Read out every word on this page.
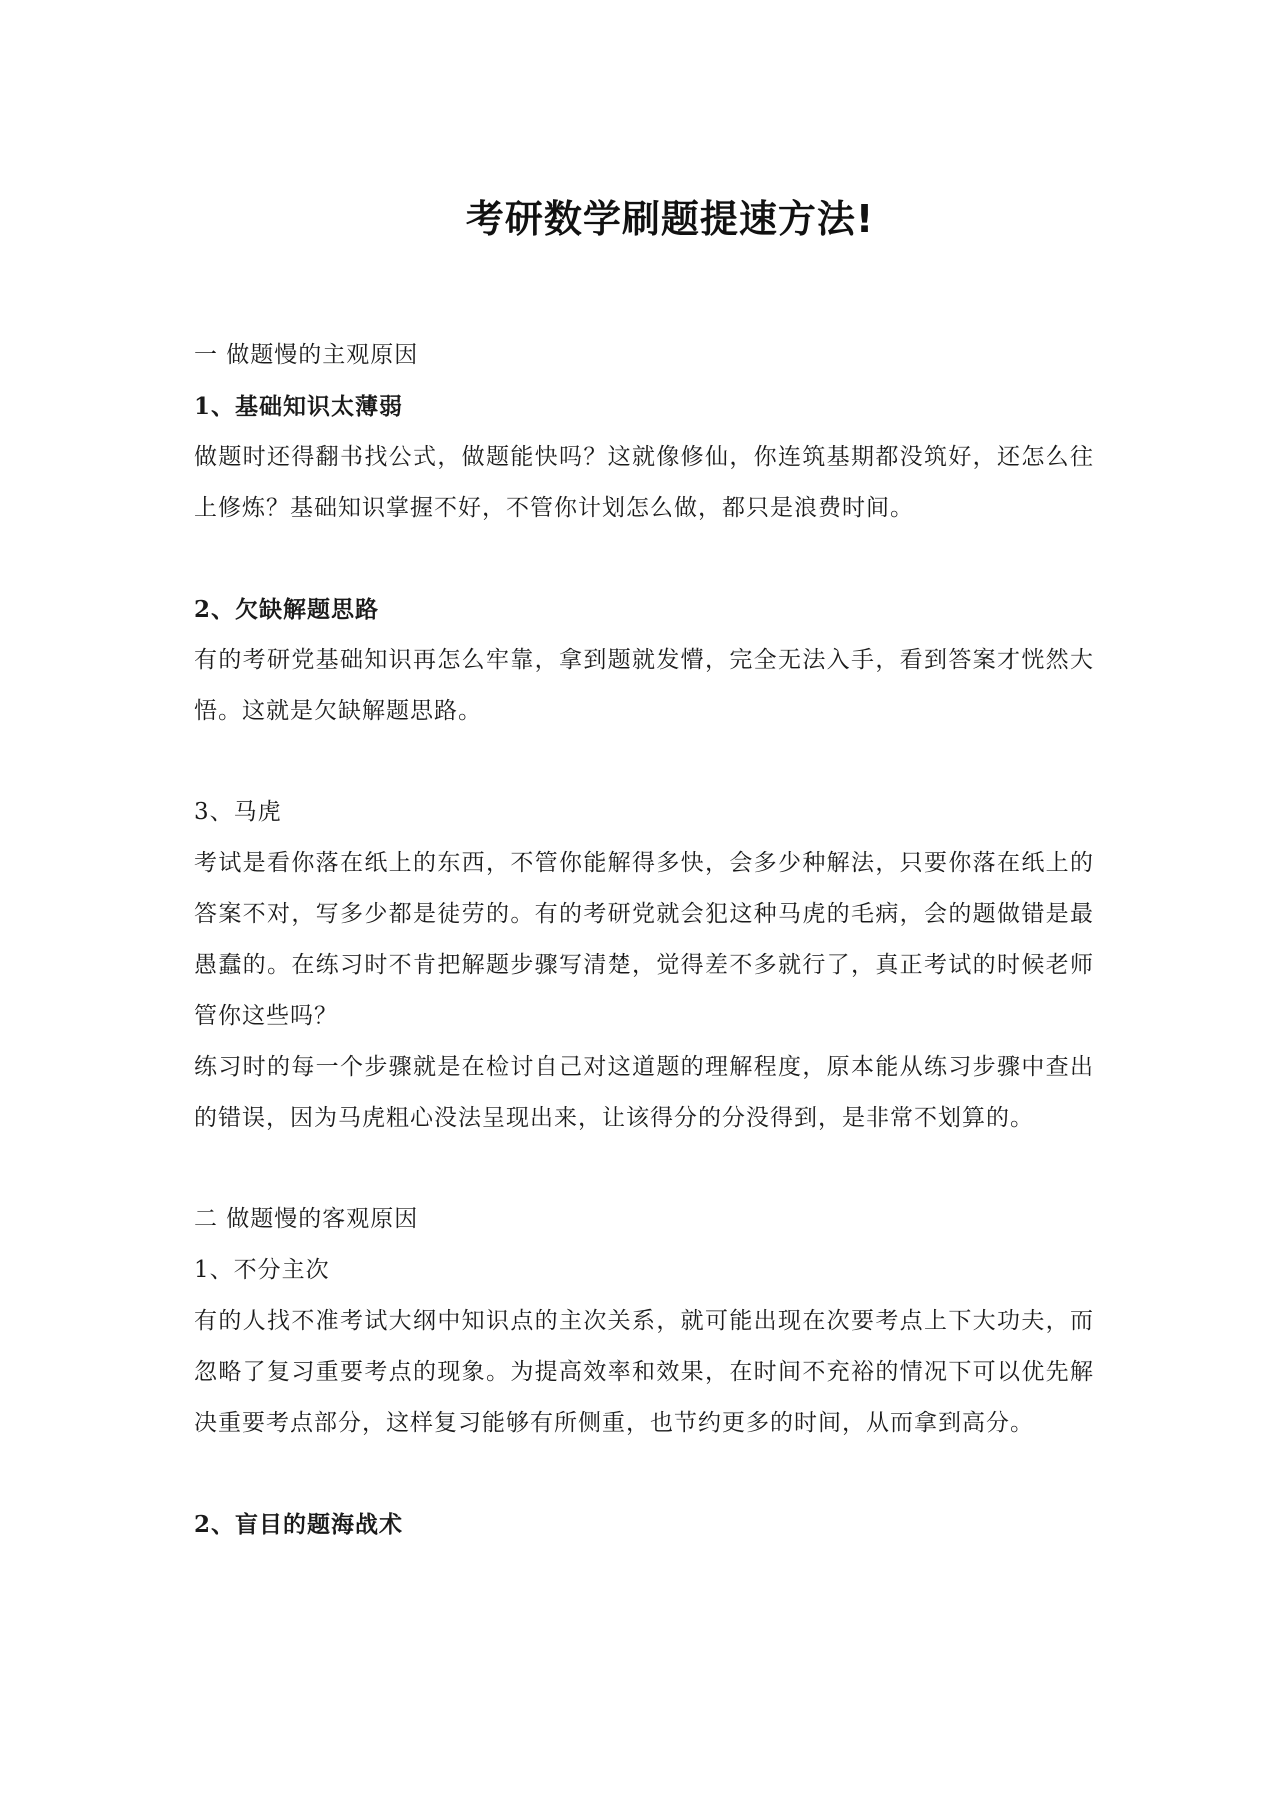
考研数学刷题提速方法!
一 做题慢的主观原因
1、基础知识太薄弱
做题时还得翻书找公式，做题能快吗？这就像修仙，你连筑基期都没筑好，还怎么往上修炼？基础知识掌握不好，不管你计划怎么做，都只是浪费时间。
2、欠缺解题思路
有的考研党基础知识再怎么牢靠，拿到题就发懵，完全无法入手，看到答案才恍然大悟。这就是欠缺解题思路。
3、马虎
考试是看你落在纸上的东西，不管你能解得多快，会多少种解法，只要你落在纸上的答案不对，写多少都是徒劳的。有的考研党就会犯这种马虎的毛病，会的题做错是最愚蠢的。在练习时不肯把解题步骤写清楚，觉得差不多就行了，真正考试的时候老师管你这些吗？
练习时的每一个步骤就是在检讨自己对这道题的理解程度，原本能从练习步骤中查出的错误，因为马虎粗心没法呈现出来，让该得分的分没得到，是非常不划算的。
二 做题慢的客观原因
1、不分主次
有的人找不准考试大纲中知识点的主次关系，就可能出现在次要考点上下大功夫，而忽略了复习重要考点的现象。为提高效率和效果，在时间不充裕的情况下可以优先解决重要考点部分，这样复习能够有所侧重，也节约更多的时间，从而拿到高分。
2、盲目的题海战术
